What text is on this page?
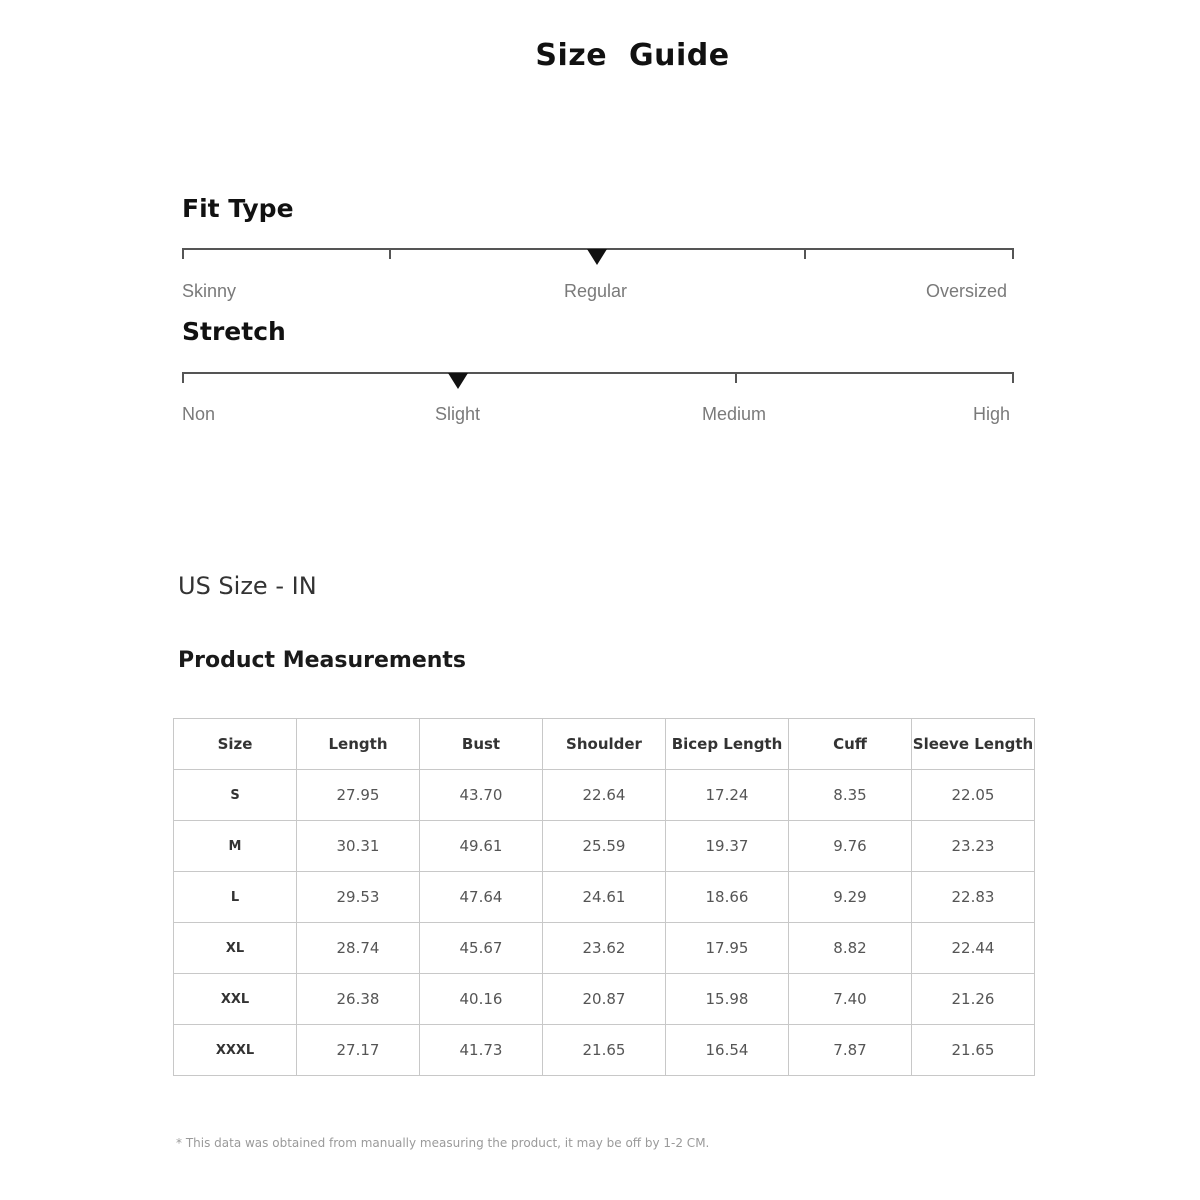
Size  Guide
Fit Type
Skinny	Regular	Oversized
Stretch
Non	Slight	Medium	High
US Size - IN
Product Measurements
Size	Length	Bust	Shoulder	Bicep Length	Cuff	Sleeve Length
S	27.95	43.70	22.64	17.24	8.35	22.05
M	30.31	49.61	25.59	19.37	9.76	23.23
L	29.53	47.64	24.61	18.66	9.29	22.83
XL	28.74	45.67	23.62	17.95	8.82	22.44
XXL	26.38	40.16	20.87	15.98	7.40	21.26
XXXL	27.17	41.73	21.65	16.54	7.87	21.65
* This data was obtained from manually measuring the product, it may be off by 1-2 CM.
